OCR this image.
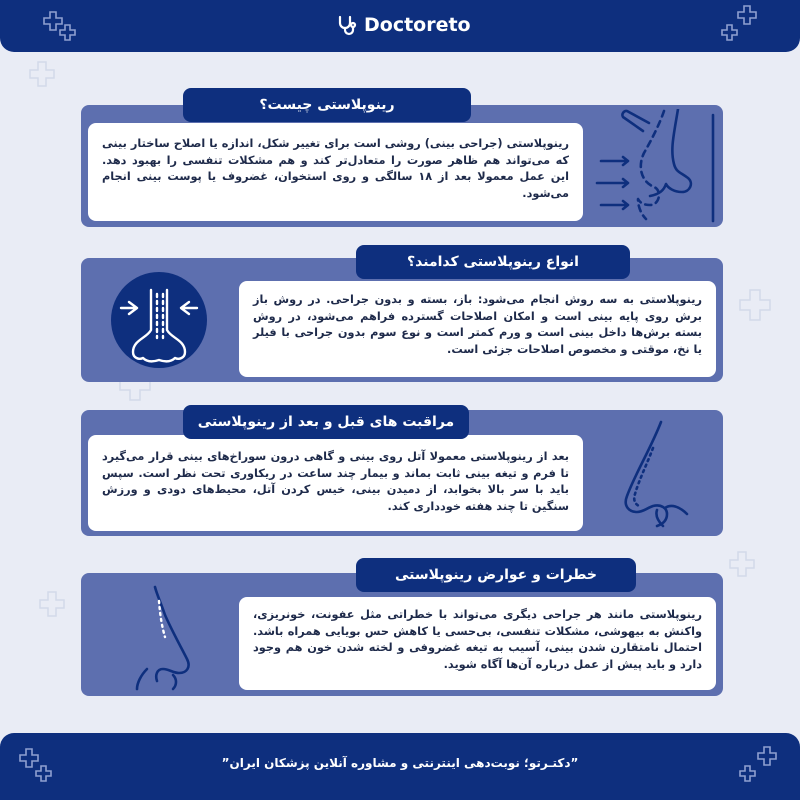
Doctoreto
رینوپلاستی (جراحی بینی) روشی است برای تغییر شکل، اندازه یا اصلاح ساختار بینی که می‌تواند هم ظاهر صورت را متعادل‌تر کند و هم مشکلات تنفسی را بهبود دهد. این عمل معمولا بعد از ۱۸ سالگی و روی استخوان، غضروف یا پوست بینی انجام می‌شود.
رینوپلاستی چیست؟
رینوپلاستی به سه روش انجام می‌شود: باز، بسته و بدون جراحی. در روش باز برش روی پایه بینی است و امکان اصلاحات گسترده فراهم می‌شود، در روش بسته برش‌ها داخل بینی است و ورم کمتر است و نوع سوم بدون جراحی با فیلر یا نخ، موقتی و مخصوص اصلاحات جزئی است.
انواع رینوپلاستی کدامند؟
بعد از رینوپلاستی معمولا آتل روی بینی و گاهی درون سوراخ‌های بینی قرار می‌گیرد تا فرم و تیغه بینی ثابت بماند و بیمار چند ساعت در ریکاوری تحت نظر است. سپس باید با سر بالا بخوابد، از دمیدن بینی، خیس کردن آتل، محیط‌های دودی و ورزش سنگین تا چند هفته خودداری کند.
مراقبت های قبل و بعد از رینوپلاستی
رینوپلاستی مانند هر جراحی دیگری می‌تواند با خطراتی مثل عفونت، خونریزی، واکنش به بیهوشی، مشکلات تنفسی، بی‌حسی یا کاهش حس بویایی همراه باشد. احتمال نامتقارن شدن بینی، آسیب به تیغه غضروفی و لخته شدن خون هم وجود دارد و باید پیش از عمل درباره آن‌ها آگاه شوید.
خطرات و عوارض رینوپلاستی
”دکتـرتو؛ نوبت‌دهی اینترنتی و مشاوره آنلاین پزشکان ایران”
